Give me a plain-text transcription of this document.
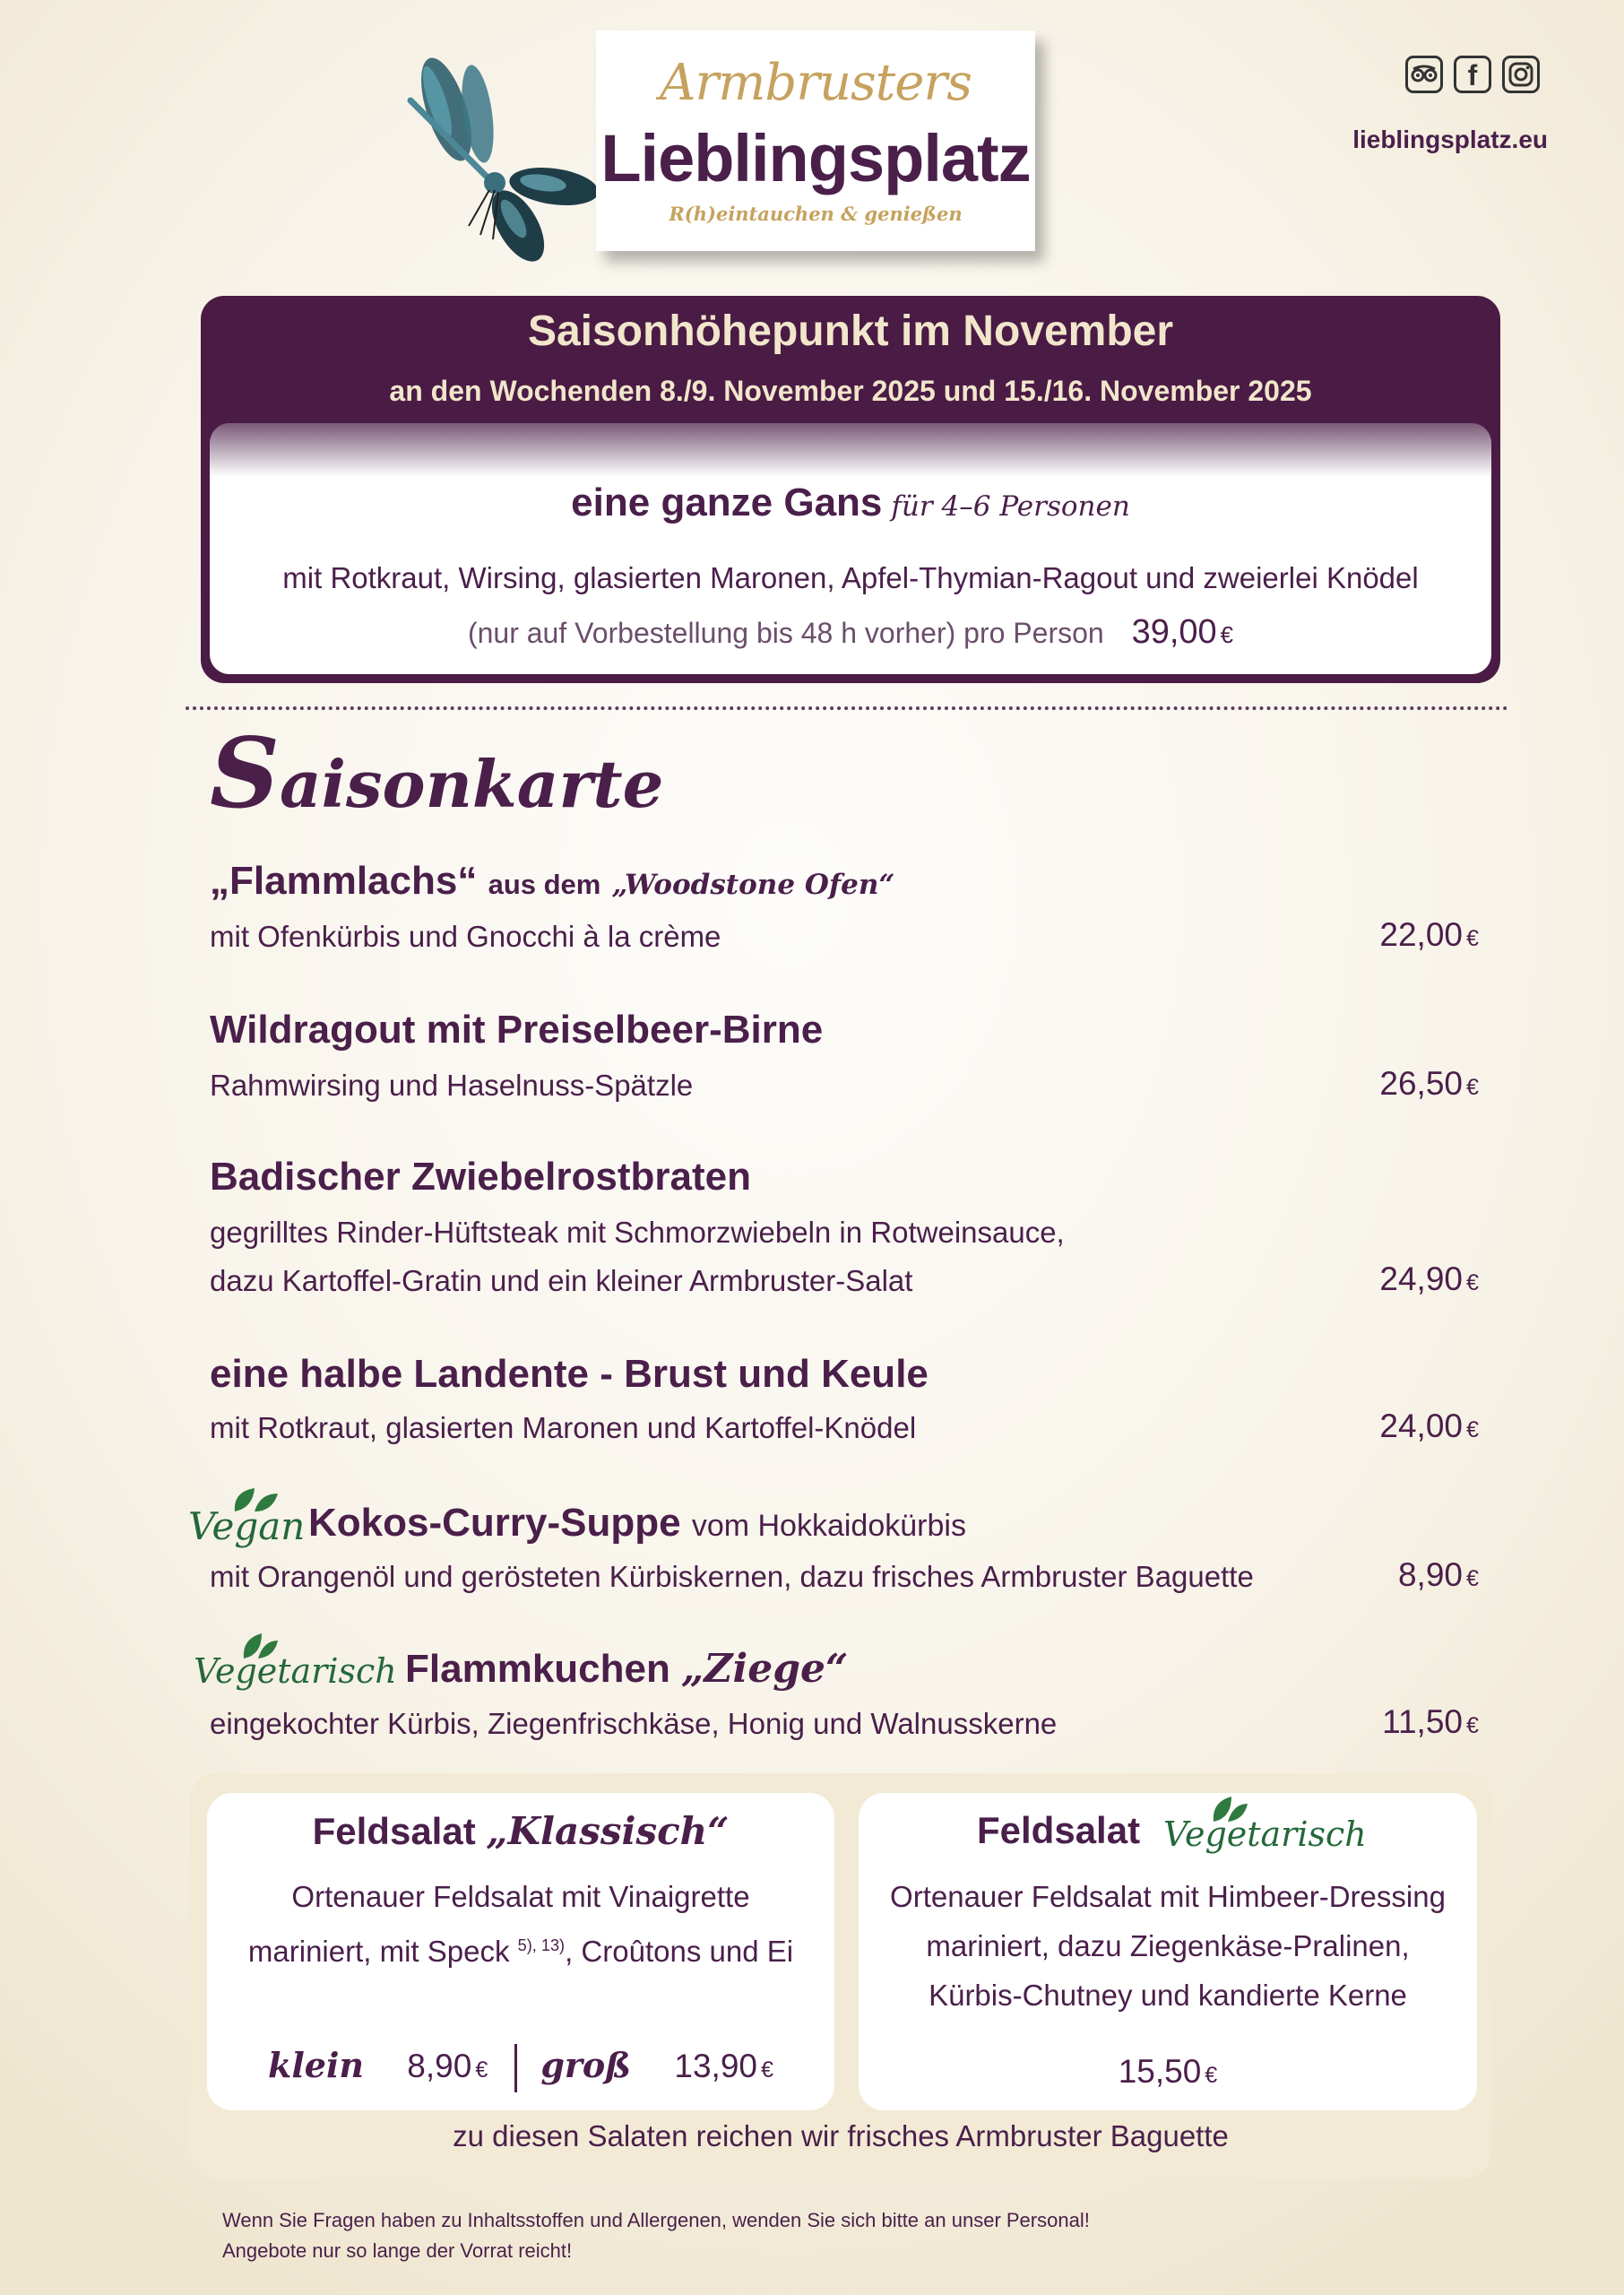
Armbrusters
Lieblingsplatz
R(h)eintauchen & genießen
f
lieblingsplatz.eu
Saisonhöhepunkt im November
an den Wochenden 8./9. November 2025 und 15./16. November 2025
eine ganze Gans für 4–6 Personen
mit Rotkraut, Wirsing, glasierten Maronen, Apfel-Thymian-Ragout und zweierlei Knödel
(nur auf Vorbestellung bis 48 h vorher) pro Person 39,00 €
Saisonkarte
„Flammlachs“ aus dem „Woodstone Ofen“
mit Ofenkürbis und Gnocchi à la crème	22,00 €
Wildragout mit Preiselbeer-Birne
Rahmwirsing und Haselnuss-Spätzle	26,50 €
Badischer Zwiebelrostbraten
gegrilltes Rinder-Hüftsteak mit Schmorzwiebeln in Rotweinsauce,
dazu Kartoffel-Gratin und ein kleiner Armbruster-Salat	24,90 €
eine halbe Landente - Brust und Keule
mit Rotkraut, glasierten Maronen und Kartoffel-Knödel	24,00 €
Vegan Kokos-Curry-Suppe vom Hokkaidokürbis
mit Orangenöl und gerösteten Kürbiskernen, dazu frisches Armbruster Baguette	8,90 €
Vegetarisch Flammkuchen „Ziege“
eingekochter Kürbis, Ziegenfrischkäse, Honig und Walnusskerne	11,50 €
Feldsalat „Klassisch“
Ortenauer Feldsalat mit Vinaigrette
mariniert, mit Speck $^{5), 13)}$, Croûtons und Ei
klein 8,90 € groß 13,90 €
Feldsalat Vegetarisch
Ortenauer Feldsalat mit Himbeer-Dressing
mariniert, dazu Ziegenkäse-Pralinen,
Kürbis-Chutney und kandierte Kerne
15,50 €
zu diesen Salaten reichen wir frisches Armbruster Baguette
Wenn Sie Fragen haben zu Inhaltsstoffen und Allergenen, wenden Sie sich bitte an unser Personal!
Angebote nur so lange der Vorrat reicht!
